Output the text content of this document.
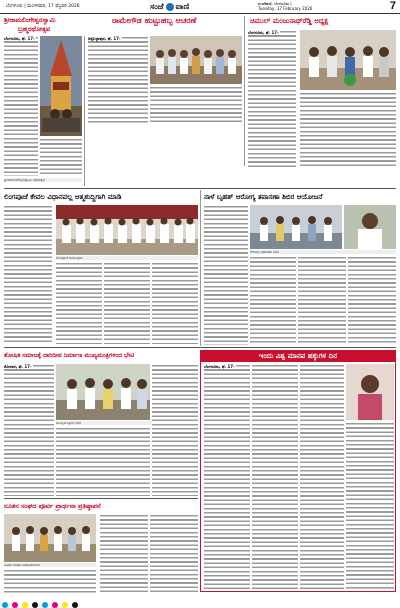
ಬೆಂಗಳೂರು | ಮಂಗಳವಾರ, 17 ಫೆಬ್ರವರಿ 2026	ಸಂಜೆ ವಾಣಿ	ಸಂಜೆವಾಣಿ, ಬೆಂಗಳೂರು |
Tuesday, 17 February 2026	7
ಶ್ರೀರಾಮಲಿಂಗೇಶ್ವರಸ್ವಾಮಿ
ಬ್ರಹ್ಮರಥೋತ್ಸವ
ಬೆಂಗಳೂರು, ಫೆ. 17-
ಶ್ರೀರಾಮಲಿಂಗೇಶ್ವರಸ್ವಾಮಿ ರಥೋತ್ಸವ
ರಾಮೇಗೌಡ ಹುಟ್ಟುಹಬ್ಬ ಆಚರಣೆ
ಚಿಕ್ಕಬಳ್ಳಾಪುರ, ಫೆ. 17-
ಚಿಮುಲ್ ಮಂಜುನಾಥ್‌ರೆಡ್ಡಿ ಅಧ್ಯಕ್ಷ
ಬೆಂಗಳೂರು, ಫೆ. 17-
ಲಿಂಗಪೂಜೆ ಕೇವಲ ವಿಧಾನವಲ್ಲ ಆತ್ಮಶುದ್ಧಿಗಾಗಿ ಮಾಡಿ
ಲಿಂಗಪೂಜೆ ಕಾರ್ಯಕ್ರಮ
ನಾಳೆ ಬೃಹತ್ ಆರೋಗ್ಯ ತಪಾಸಣಾ ಶಿಬಿರ ಆಯೋಜನೆ
ಆರೋಗ್ಯ ತಪಾಸಣಾ ಶಿಬಿರ
ಇಂದು ವಿಶ್ವ ಮಾನವ ಹಕ್ಕುಗಳ ದಿನ
ಬೆಂಗಳೂರು, ಫೆ. 17-
ಶೋಷಿತ ಸಮಾಜಕ್ಕೆ ದಾರಿದೀಪ ನಿರ್ಮಾಣ ಮುಖ್ಯಮಂತ್ರಿಗಳಿಂದ ಭೇಟಿ
ಕೋಲಾರ, ಫೆ. 17-
ಮುಖ್ಯಮಂತ್ರಿಗಳ ಭೇಟಿ
ನೂತನ ಸಂಘದ ಪೂರ್ವ ಪ್ರಾರ್ಥನಾ ಪ್ರತಿಷ್ಠಾಪನೆ
ನೂತನ ಸಂಘದ ಪದಾಧಿಕಾರಿಗಳು
